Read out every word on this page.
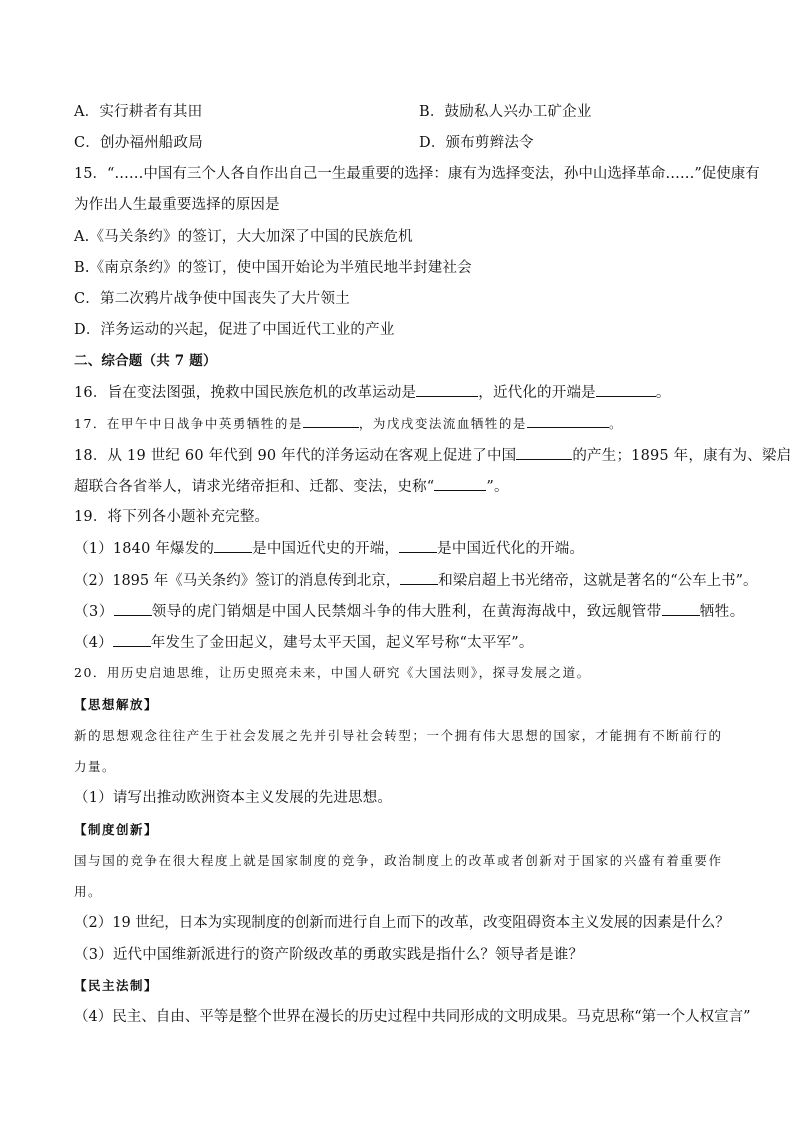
A．实行耕者有其田	B．鼓励私人兴办工矿企业
C．创办福州船政局	D．颁布剪辫法令
15．“……中国有三个人各自作出自己一生最重要的选择：康有为选择变法，孙中山选择革命……”促使康有
为作出人生最重要选择的原因是
A.《马关条约》的签订，大大加深了中国的民族危机
B.《南京条约》的签订，使中国开始论为半殖民地半封建社会
C．第二次鸦片战争使中国丧失了大片领土
D．洋务运动的兴起，促进了中国近代工业的产业
二、综合题（共 7 题）
16．旨在变法图强，挽救中国民族危机的改革运动是	，近代化的开端是	。
17．在甲午中日战争中英勇牺牲的是	，为戊戌变法流血牺牲的是	。
18．从 19 世纪 60 年代到 90 年代的洋务运动在客观上促进了中国	的产生；1895 年，康有为、梁启
超联合各省举人，请求光绪帝拒和、迁都、变法，史称“	”。
19．将下列各小题补充完整。
（1）1840 年爆发的	是中国近代史的开端，	是中国近代化的开端。
（2）1895 年《马关条约》签订的消息传到北京，	和梁启超上书光绪帝，这就是著名的“公车上书”。
（3）	领导的虎门销烟是中国人民禁烟斗争的伟大胜利，在黄海海战中，致远舰管带	牺牲。
（4）	年发生了金田起义，建号太平天国，起义军号称“太平军”。
20．用历史启迪思维，让历史照亮未来，中国人研究《大国法则》，探寻发展之道。
【思想解放】
新的思想观念往往产生于社会发展之先并引导社会转型；一个拥有伟大思想的国家，才能拥有不断前行的
力量。
（1）请写出推动欧洲资本主义发展的先进思想。
【制度创新】
国与国的竞争在很大程度上就是国家制度的竞争，政治制度上的改革或者创新对于国家的兴盛有着重要作
用。
（2）19 世纪，日本为实现制度的创新而进行自上而下的改革，改变阻碍资本主义发展的因素是什么？
（3）近代中国维新派进行的资产阶级改革的勇敢实践是指什么？领导者是谁？
【民主法制】
（4）民主、自由、平等是整个世界在漫长的历史过程中共同形成的文明成果。马克思称“第一个人权宣言”
